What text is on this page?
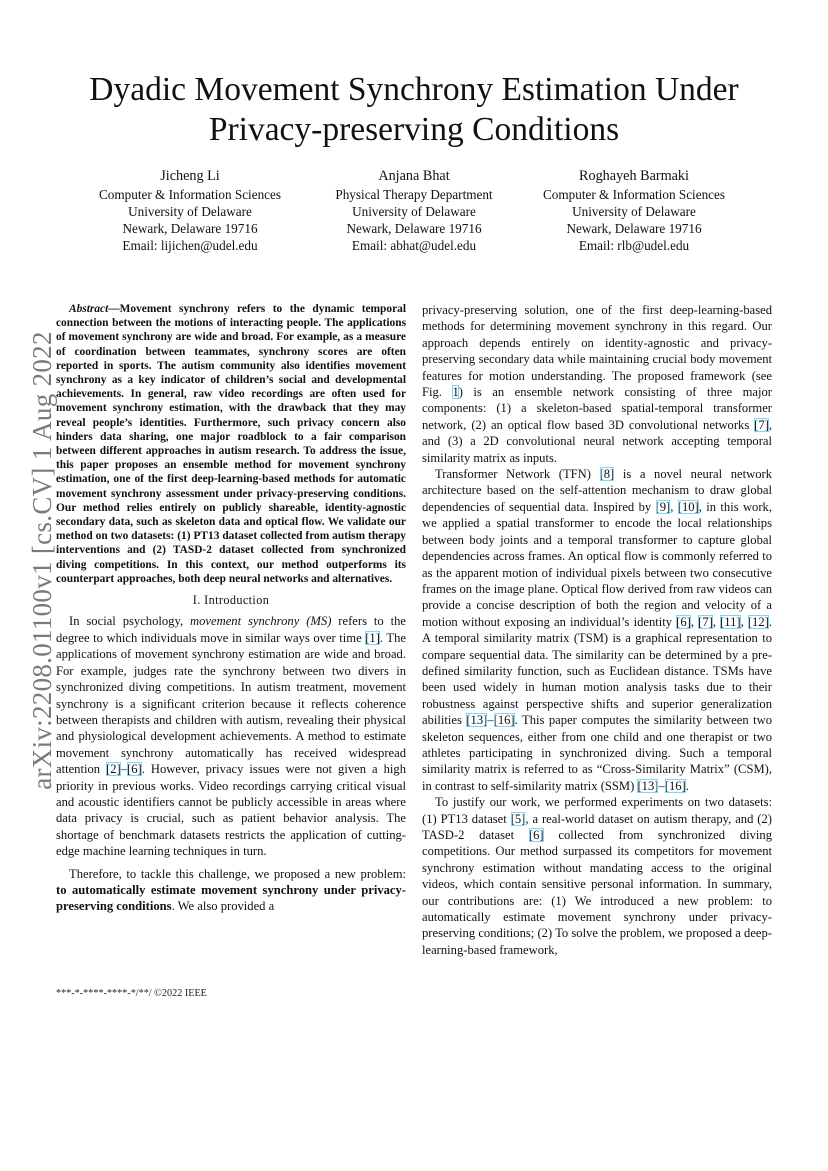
arXiv:2208.01100v1 [cs.CV] 1 Aug 2022
Dyadic Movement Synchrony Estimation Under Privacy-preserving Conditions
Jicheng Li
Computer & Information Sciences
University of Delaware
Newark, Delaware 19716
Email: lijichen@udel.edu
Anjana Bhat
Physical Therapy Department
University of Delaware
Newark, Delaware 19716
Email: abhat@udel.edu
Roghayeh Barmaki
Computer & Information Sciences
University of Delaware
Newark, Delaware 19716
Email: rlb@udel.edu

Abstract—Movement synchrony refers to the dynamic temporal connection between the motions of interacting people. The applications of movement synchrony are wide and broad. For example, as a measure of coordination between teammates, synchrony scores are often reported in sports. The autism community also identifies movement synchrony as a key indicator of children’s social and developmental achievements. In general, raw video recordings are often used for movement synchrony estimation, with the drawback that they may reveal people’s identities. Furthermore, such privacy concern also hinders data sharing, one major roadblock to a fair comparison between different approaches in autism research. To address the issue, this paper proposes an ensemble method for movement synchrony estimation, one of the first deep-learning-based methods for automatic movement synchrony assessment under privacy-preserving conditions. Our method relies entirely on publicly shareable, identity-agnostic secondary data, such as skeleton data and optical flow. We validate our method on two datasets: (1) PT13 dataset collected from autism therapy interventions and (2) TASD-2 dataset collected from synchronized diving competitions. In this context, our method outperforms its counterpart approaches, both deep neural networks and alternatives.

I. Introduction

In social psychology, movement synchrony (MS) refers to the degree to which individuals move in similar ways over time [1]. The applications of movement synchrony estimation are wide and broad. For example, judges rate the synchrony between two divers in synchronized diving competitions. In autism treatment, movement synchrony is a significant criterion because it reflects coherence between therapists and children with autism, revealing their physical and physiological development achievements. A method to estimate movement synchrony automatically has received widespread attention [2]–[6]. However, privacy issues were not given a high priority in previous works. Video recordings carrying critical visual and acoustic identifiers cannot be publicly accessible in areas where data privacy is crucial, such as patient behavior analysis. The shortage of benchmark datasets restricts the application of cutting-edge machine learning techniques in turn.

Therefore, to tackle this challenge, we proposed a new problem: to automatically estimate movement synchrony under privacy-preserving conditions. We also provided a

privacy-preserving solution, one of the first deep-learning-based methods for determining movement synchrony in this regard. Our approach depends entirely on identity-agnostic and privacy-preserving secondary data while maintaining crucial body movement features for motion understanding. The proposed framework (see Fig. 1) is an ensemble network consisting of three major components: (1) a skeleton-based spatial-temporal transformer network, (2) an optical flow based 3D convolutional networks [7], and (3) a 2D convolutional neural network accepting temporal similarity matrix as inputs.

Transformer Network (TFN) [8] is a novel neural network architecture based on the self-attention mechanism to draw global dependencies of sequential data. Inspired by [9], [10], in this work, we applied a spatial transformer to encode the local relationships between body joints and a temporal transformer to capture global dependencies across frames. An optical flow is commonly referred to as the apparent motion of individual pixels between two consecutive frames on the image plane. Optical flow derived from raw videos can provide a concise description of both the region and velocity of a motion without exposing an individual’s identity [6], [7], [11], [12]. A temporal similarity matrix (TSM) is a graphical representation to compare sequential data. The similarity can be determined by a pre-defined similarity function, such as Euclidean distance. TSMs have been used widely in human motion analysis tasks due to their robustness against perspective shifts and superior generalization abilities [13]–[16]. This paper computes the similarity between two skeleton sequences, either from one child and one therapist or two athletes participating in synchronized diving. Such a temporal similarity matrix is referred to as “Cross-Similarity Matrix” (CSM), in contrast to self-similarity matrix (SSM) [13]–[16].

To justify our work, we performed experiments on two datasets: (1) PT13 dataset [5], a real-world dataset on autism therapy, and (2) TASD-2 dataset [6] collected from synchronized diving competitions. Our method surpassed its competitors for movement synchrony estimation without mandating access to the original videos, which contain sensitive personal information. In summary, our contributions are: (1) We introduced a new problem: to automatically estimate movement synchrony under privacy-preserving conditions; (2) To solve the problem, we proposed a deep-learning-based framework,

***-*-****-****-*/**/ ©2022 IEEE
